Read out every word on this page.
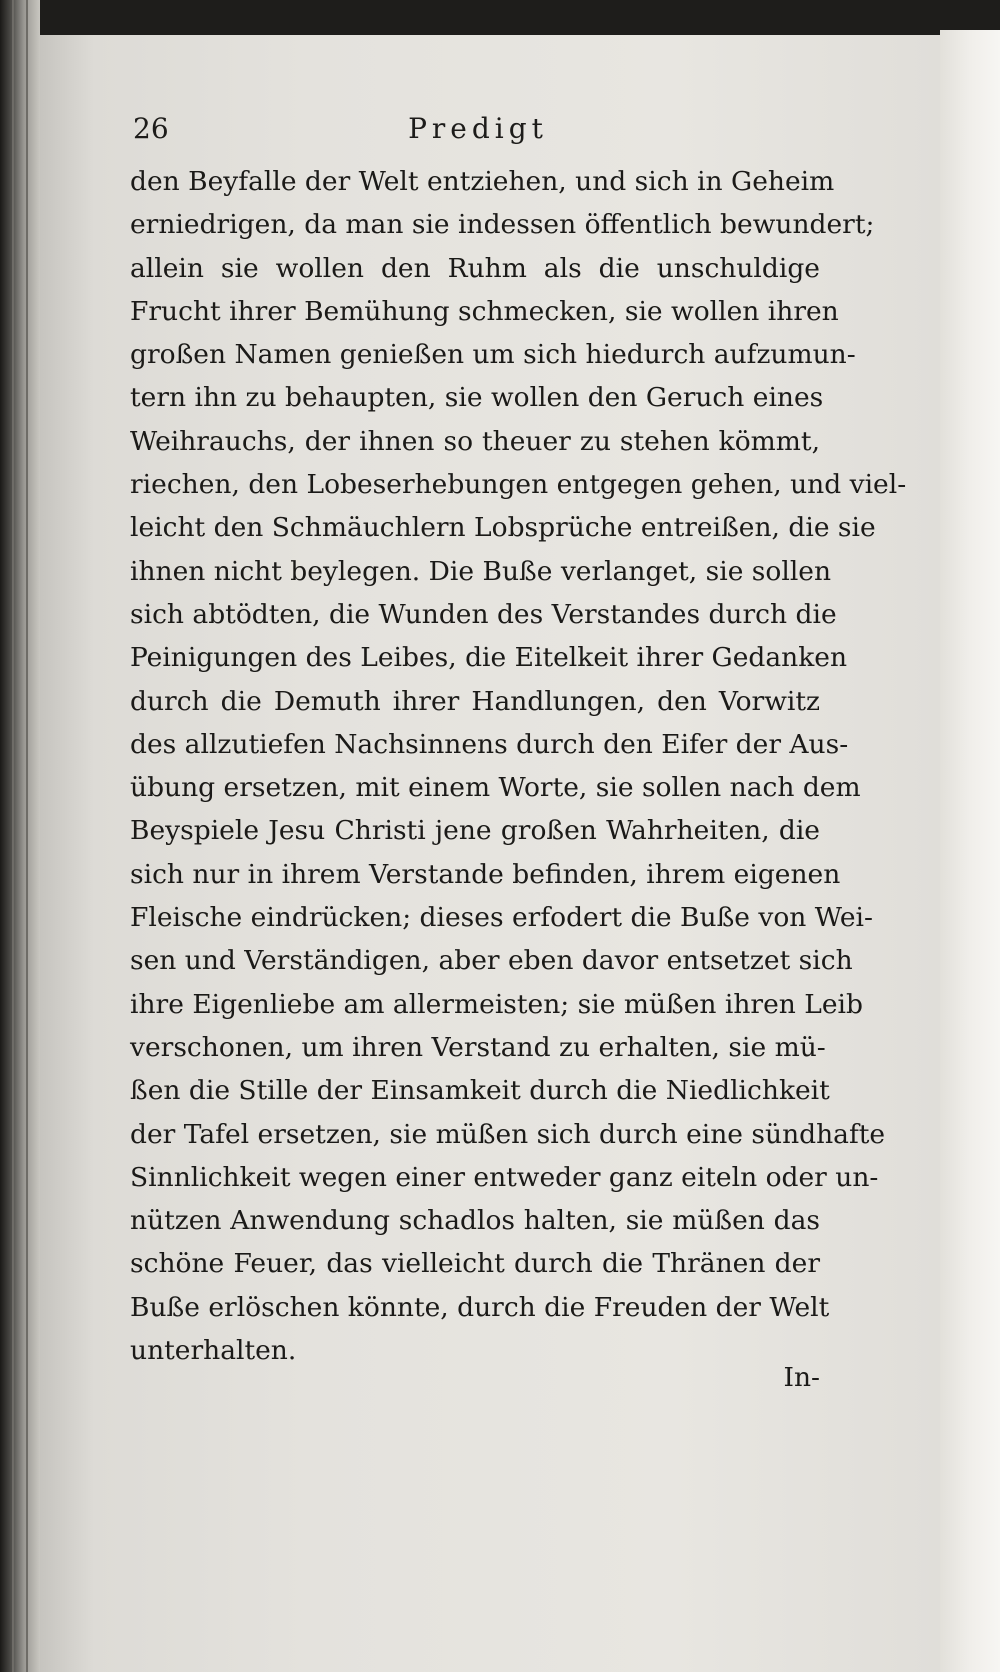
26	Predigt
den Beyfalle der Welt entziehen, und sich in Geheim
erniedrigen, da man sie indessen öffentlich bewundert;
allein sie wollen den Ruhm als die unschuldige
Frucht ihrer Bemühung schmecken, sie wollen ihren
großen Namen genießen um sich hiedurch aufzumun-
tern ihn zu behaupten, sie wollen den Geruch eines
Weihrauchs, der ihnen so theuer zu stehen kömmt,
riechen, den Lobeserhebungen entgegen gehen, und viel-
leicht den Schmäuchlern Lobsprüche entreißen, die sie
ihnen nicht beylegen. Die Buße verlanget, sie sollen
sich abtödten, die Wunden des Verstandes durch die
Peinigungen des Leibes, die Eitelkeit ihrer Gedanken
durch die Demuth ihrer Handlungen, den Vorwitz
des allzutiefen Nachsinnens durch den Eifer der Aus-
übung ersetzen, mit einem Worte, sie sollen nach dem
Beyspiele Jesu Christi jene großen Wahrheiten, die
sich nur in ihrem Verstande befinden, ihrem eigenen
Fleische eindrücken; dieses erfodert die Buße von Wei-
sen und Verständigen, aber eben davor entsetzet sich
ihre Eigenliebe am allermeisten; sie müßen ihren Leib
verschonen, um ihren Verstand zu erhalten, sie mü-
ßen die Stille der Einsamkeit durch die Niedlichkeit
der Tafel ersetzen, sie müßen sich durch eine sündhafte
Sinnlichkeit wegen einer entweder ganz eiteln oder un-
nützen Anwendung schadlos halten, sie müßen das
schöne Feuer, das vielleicht durch die Thränen der
Buße erlöschen könnte, durch die Freuden der Welt
unterhalten.
In-
